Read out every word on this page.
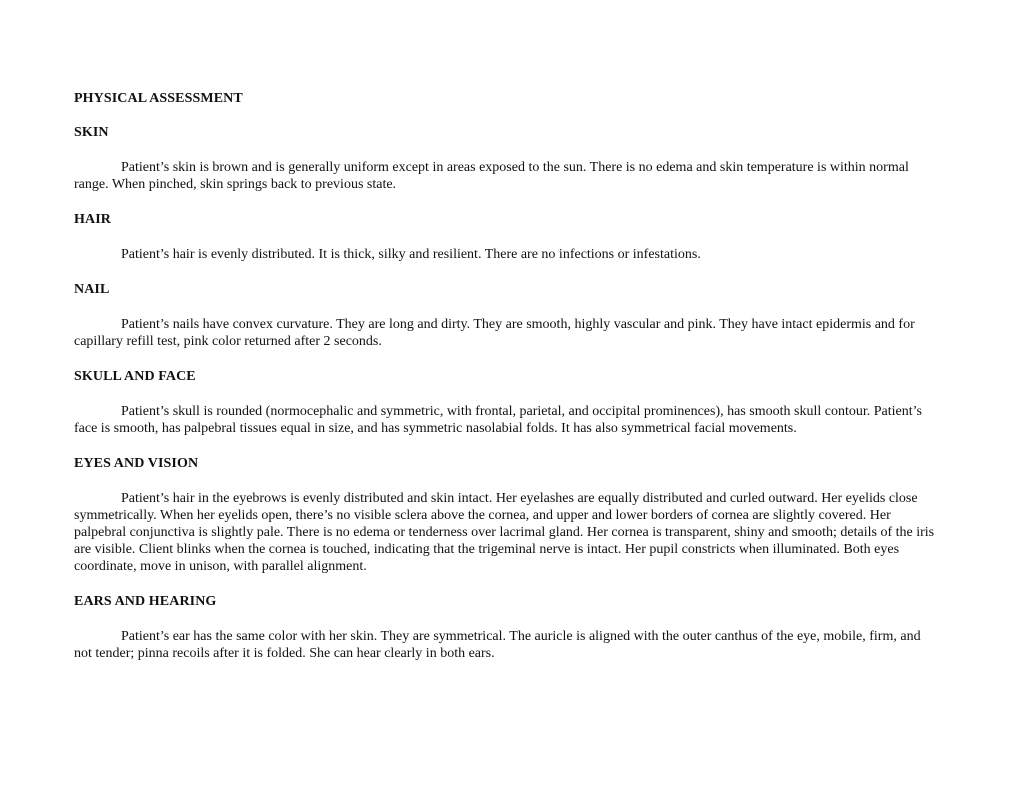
PHYSICAL ASSESSMENT
SKIN

Patient’s skin is brown and is generally uniform except in areas exposed to the sun. There is no edema and skin temperature is within normal range. When pinched, skin springs back to previous state.

HAIR

Patient’s hair is evenly distributed. It is thick, silky and resilient. There are no infections or infestations.

NAIL

Patient’s nails have convex curvature. They are long and dirty. They are smooth, highly vascular and pink. They have intact epidermis and for capillary refill test, pink color returned after 2 seconds.

SKULL AND FACE

Patient’s skull is rounded (normocephalic and symmetric, with frontal, parietal, and occipital prominences), has smooth skull contour. Patient’s face is smooth, has palpebral tissues equal in size, and has symmetric nasolabial folds. It has also symmetrical facial movements.

EYES AND VISION

Patient’s hair in the eyebrows is evenly distributed and skin intact. Her eyelashes are equally distributed and curled outward. Her eyelids close symmetrically. When her eyelids open, there’s no visible sclera above the cornea, and upper and lower borders of cornea are slightly covered. Her palpebral conjunctiva is slightly pale. There is no edema or tenderness over lacrimal gland. Her cornea is transparent, shiny and smooth; details of the iris are visible. Client blinks when the cornea is touched, indicating that the trigeminal nerve is intact. Her pupil constricts when illuminated. Both eyes coordinate, move in unison, with parallel alignment.

EARS AND HEARING

Patient’s ear has the same color with her skin. They are symmetrical. The auricle is aligned with the outer canthus of the eye, mobile, firm, and not tender; pinna recoils after it is folded. She can hear clearly in both ears.
